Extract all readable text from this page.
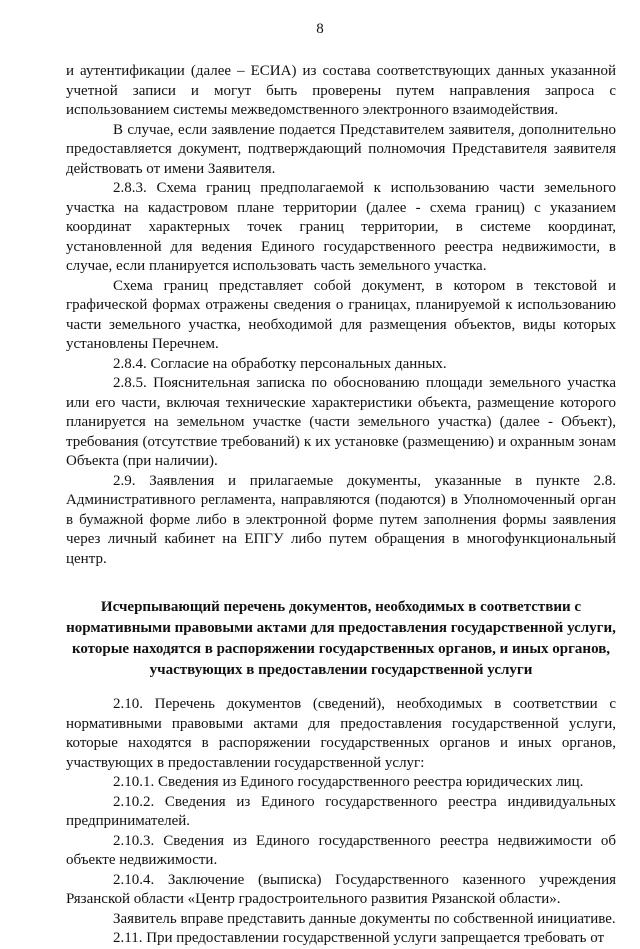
8

и аутентификации (далее – ЕСИА) из состава соответствующих данных указанной учетной записи и могут быть проверены путем направления запроса с использованием системы межведомственного электронного взаимодействия.

В случае, если заявление подается Представителем заявителя, дополнительно предоставляется документ, подтверждающий полномочия Представителя заявителя действовать от имени Заявителя.

2.8.3. Схема границ предполагаемой к использованию части земельного участка на кадастровом плане территории (далее - схема границ) с указанием координат характерных точек границ территории, в системе координат, установленной для ведения Единого государственного реестра недвижимости, в случае, если планируется использовать часть земельного участка.

Схема границ представляет собой документ, в котором в текстовой и графической формах отражены сведения о границах, планируемой к использованию части земельного участка, необходимой для размещения объектов, виды которых установлены Перечнем.

2.8.4. Согласие на обработку персональных данных.

2.8.5. Пояснительная записка по обоснованию площади земельного участка или его части, включая технические характеристики объекта, размещение которого планируется на земельном участке (части земельного участка) (далее - Объект), требования (отсутствие требований) к их установке (размещению) и охранным зонам Объекта (при наличии).

2.9. Заявления и прилагаемые документы, указанные в пункте 2.8. Административного регламента, направляются (подаются) в Уполномоченный орган в бумажной форме либо в электронной форме путем заполнения формы заявления через личный кабинет на ЕПГУ либо путем обращения в многофункциональный центр.

Исчерпывающий перечень документов, необходимых в соответствии с нормативными правовыми актами для предоставления государственной услуги, которые находятся в распоряжении государственных органов, и иных органов, участвующих в предоставлении государственной услуги

2.10. Перечень документов (сведений), необходимых в соответствии с нормативными правовыми актами для предоставления государственной услуги, которые находятся в распоряжении государственных органов и иных органов, участвующих в предоставлении государственной услуг:

2.10.1. Сведения из Единого государственного реестра юридических лиц.

2.10.2. Сведения из Единого государственного реестра индивидуальных предпринимателей.

2.10.3. Сведения из Единого государственного реестра недвижимости об объекте недвижимости.

2.10.4. Заключение (выписка) Государственного казенного учреждения Рязанской области «Центр градостроительного развития Рязанской области».

Заявитель вправе представить данные документы по собственной инициативе.

2.11. При предоставлении государственной услуги запрещается требовать от
